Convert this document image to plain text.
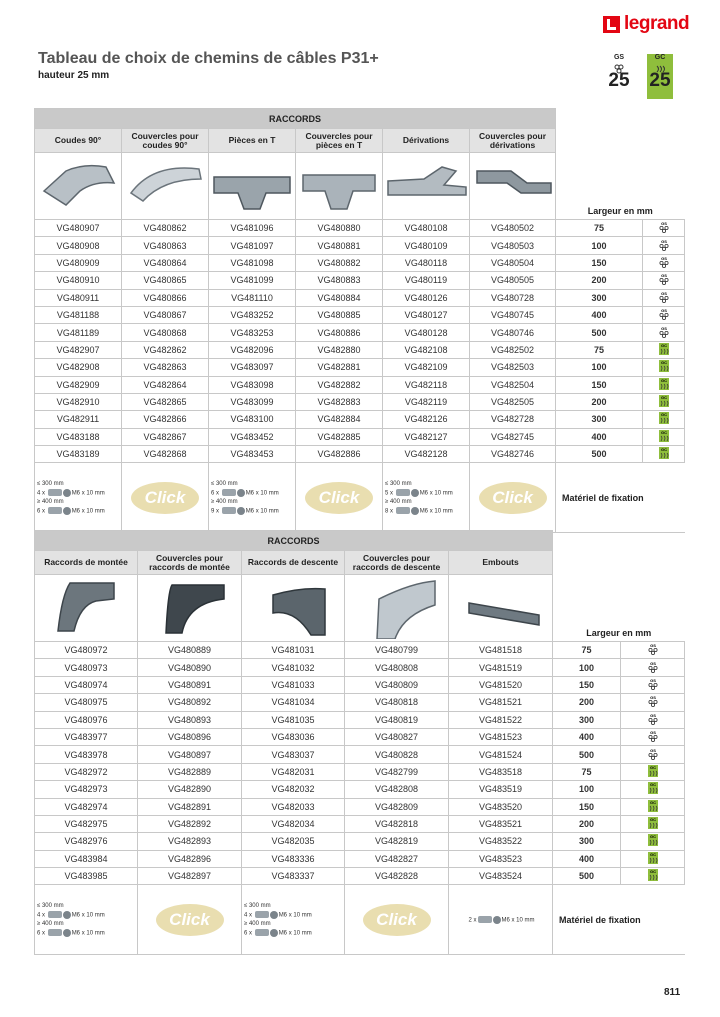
legrand
Tableau de choix de chemins de câbles P31+
hauteur 25 mm
GS
25
GC
25
RACCORDS						Largeur en mm	
Coudes 90°	Couvercles pour coudes 90°	Pièces en T	Couvercles pour pièces en T	Dérivations	Couvercles pour dérivations		

VG480907	VG480862	VG481096	VG480880	VG480108	VG480502	75	GS

VG480908	VG480863	VG481097	VG480881	VG480109	VG480503	100	GS

VG480909	VG480864	VG481098	VG480882	VG480118	VG480504	150	GS

VG480910	VG480865	VG481099	VG480883	VG480119	VG480505	200	GS

VG480911	VG480866	VG481110	VG480884	VG480126	VG480728	300	GS

VG481188	VG480867	VG483252	VG480885	VG480127	VG480745	400	GS

VG481189	VG480868	VG483253	VG480886	VG480128	VG480746	500	GS

VG482907	VG482862	VG482096	VG482880	VG482108	VG482502	75	GC

VG482908	VG482863	VG483097	VG482881	VG482109	VG482503	100	GC

VG482909	VG482864	VG483098	VG482882	VG482118	VG482504	150	GC

VG482910	VG482865	VG483099	VG482883	VG482119	VG482505	200	GC

VG482911	VG482866	VG483100	VG482884	VG482126	VG482728	300	GC

VG483188	VG482867	VG483452	VG482885	VG482127	VG482745	400	GC

VG483189	VG482868	VG483453	VG482886	VG482128	VG482746	500	GC

≤ 300 mm
4 x M6 x 10 mm
≥ 400 mm
6 x M6 x 10 mm	Click	≤ 300 mm
6 x M6 x 10 mm
≥ 400 mm
9 x M6 x 10 mm	Click	≤ 300 mm
5 x M6 x 10 mm
≥ 400 mm
8 x M6 x 10 mm	Click	Matériel de fixation	
RACCORDS					Largeur en mm	
Raccords de montée	Couvercles pour raccords de montée	Raccords de descente	Couvercles pour raccords de descente	Embouts		

VG480972	VG480889	VG481031	VG480799	VG481518	75	GS

VG480973	VG480890	VG481032	VG480808	VG481519	100	GS

VG480974	VG480891	VG481033	VG480809	VG481520	150	GS

VG480975	VG480892	VG481034	VG480818	VG481521	200	GS

VG480976	VG480893	VG481035	VG480819	VG481522	300	GS

VG483977	VG480896	VG483036	VG480827	VG481523	400	GS

VG483978	VG480897	VG483037	VG480828	VG481524	500	GS

VG482972	VG482889	VG482031	VG482799	VG483518	75	GC

VG482973	VG482890	VG482032	VG482808	VG483519	100	GC

VG482974	VG482891	VG482033	VG482809	VG483520	150	GC

VG482975	VG482892	VG482034	VG482818	VG483521	200	GC

VG482976	VG482893	VG482035	VG482819	VG483522	300	GC

VG483984	VG482896	VG483336	VG482827	VG483523	400	GC

VG483985	VG482897	VG483337	VG482828	VG483524	500	GC

≤ 300 mm
4 x M6 x 10 mm
≥ 400 mm
6 x M6 x 10 mm	Click	≤ 300 mm
4 x M6 x 10 mm
≥ 400 mm
6 x M6 x 10 mm	Click	2 x M6 x 10 mm	Matériel de fixation	
811
